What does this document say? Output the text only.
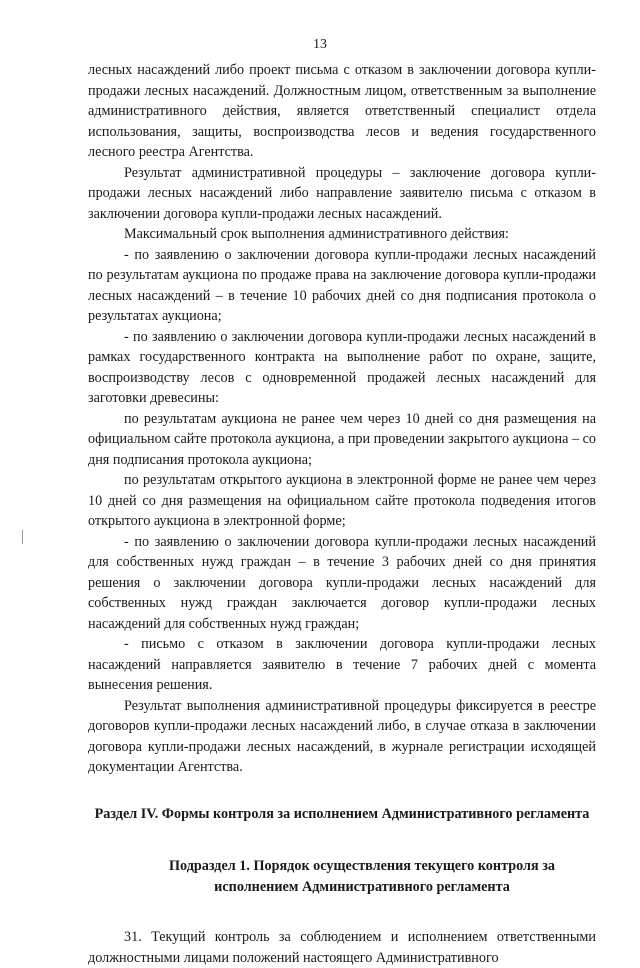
13

лесных насаждений либо проект письма с отказом в заключении договора купли-продажи лесных насаждений. Должностным лицом, ответственным за выполнение административного действия, является ответственный специалист отдела использования, защиты, воспроизводства лесов и ведения государственного лесного реестра Агентства.

Результат административной процедуры – заключение договора купли-продажи лесных насаждений либо направление заявителю письма с отказом в заключении договора купли-продажи лесных насаждений.

Максимальный срок выполнения административного действия:

- по заявлению о заключении договора купли-продажи лесных насаждений по результатам аукциона по продаже права на заключение договора купли-продажи лесных насаждений – в течение 10 рабочих дней со дня подписания протокола о результатах аукциона;

- по заявлению о заключении договора купли-продажи лесных насаждений в рамках государственного контракта на выполнение работ по охране, защите, воспроизводству лесов с одновременной продажей лесных насаждений для заготовки древесины:

по результатам аукциона не ранее чем через 10 дней со дня размещения на официальном сайте протокола аукциона, а при проведении закрытого аукциона – со дня подписания протокола аукциона;

по результатам открытого аукциона в электронной форме не ранее чем через 10 дней со дня размещения на официальном сайте протокола подведения итогов открытого аукциона в электронной форме;

- по заявлению о заключении договора купли-продажи лесных насаждений для собственных нужд граждан – в течение 3 рабочих дней со дня принятия решения о заключении договора купли-продажи лесных насаждений для собственных нужд граждан заключается договор купли-продажи лесных насаждений для собственных нужд граждан;

- письмо с отказом в заключении договора купли-продажи лесных насаждений направляется заявителю в течение 7 рабочих дней с момента вынесения решения.

Результат выполнения административной процедуры фиксируется в реестре договоров купли-продажи лесных насаждений либо, в случае отказа в заключении договора купли-продажи лесных насаждений, в журнале регистрации исходящей документации Агентства.

Раздел IV. Формы контроля за исполнением Административного регламента

Подраздел 1. Порядок осуществления текущего контроля за исполнением Административного регламента

31. Текущий контроль за соблюдением и исполнением ответственными должностными лицами положений настоящего Административного
